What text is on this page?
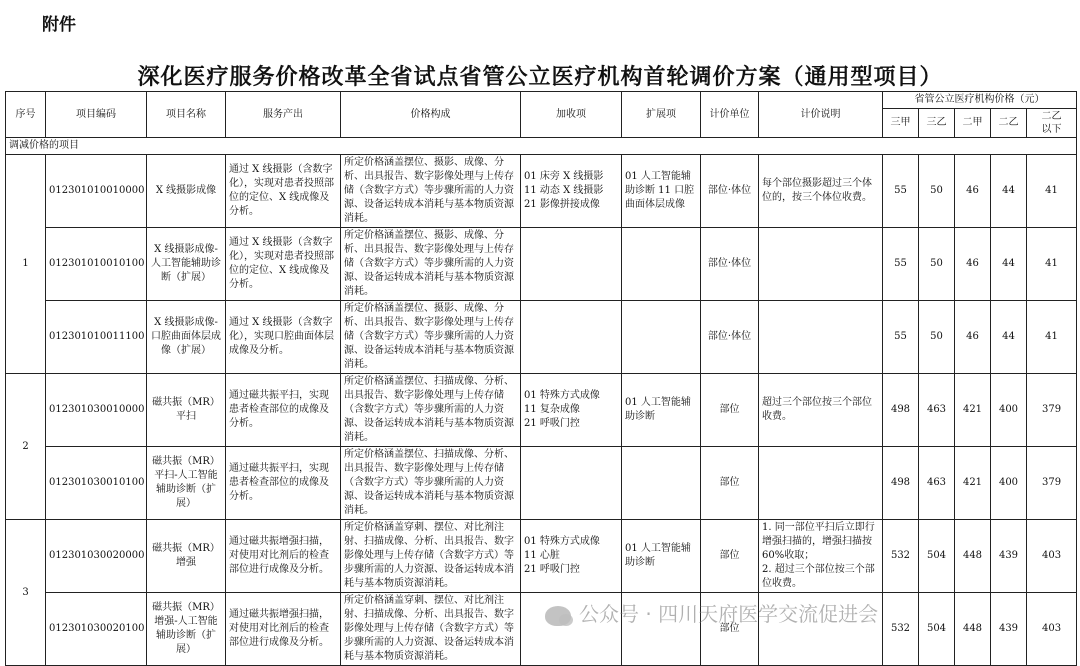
附件
深化医疗服务价格改革全省试点省管公立医疗机构首轮调价方案（通用型项目）
序号	项目编码	项目名称	服务产出	价格构成	加收项	扩展项	计价单位	计价说明	省管公立医疗机构价格（元）				
									三甲	三乙	二甲	二乙	二乙
以下
调减价格的项目													
1	012301010010000	X 线摄影成像	通过 X 线摄影（含数字化），实现对患者投照部位的定位、X 线成像及分析。	所定价格涵盖摆位、摄影、成像、分析、出具报告、数字影像处理与上传存储（含数字方式）等步骤所需的人力资源、设备运转成本消耗与基本物质资源消耗。	01 床旁 X 线摄影
11 动态 X 线摄影
21 影像拼接成像	01 人工智能辅助诊断 11 口腔曲面体层成像	部位·体位	每个部位摄影超过三个体位的，按三个体位收费。	55	50	46	44	41
	012301010010100	X 线摄影成像-人工智能辅助诊断（扩展）	通过 X 线摄影（含数字化），实现对患者投照部位的定位、X 线成像及分析。	所定价格涵盖摆位、摄影、成像、分析、出具报告、数字影像处理与上传存储（含数字方式）等步骤所需的人力资源、设备运转成本消耗与基本物质资源消耗。			部位·体位		55	50	46	44	41
	012301010011100	X 线摄影成像-口腔曲面体层成像（扩展）	通过 X 线摄影（含数字化），实现口腔曲面体层成像及分析。	所定价格涵盖摆位、摄影、成像、分析、出具报告、数字影像处理与上传存储（含数字方式）等步骤所需的人力资源、设备运转成本消耗与基本物质资源消耗。			部位·体位		55	50	46	44	41
2	012301030010000	磁共振（MR）平扫	通过磁共振平扫，实现患者检查部位的成像及分析。	所定价格涵盖摆位、扫描成像、分析、出具报告、数字影像处理与上传存储（含数字方式）等步骤所需的人力资源、设备运转成本消耗与基本物质资源消耗。	01 特殊方式成像
11 复杂成像
21 呼吸门控	01 人工智能辅助诊断	部位	超过三个部位按三个部位收费。	498	463	421	400	379
	012301030010100	磁共振（MR）平扫-人工智能辅助诊断（扩展）	通过磁共振平扫，实现患者检查部位的成像及分析。	所定价格涵盖摆位、扫描成像、分析、出具报告、数字影像处理与上传存储（含数字方式）等步骤所需的人力资源、设备运转成本消耗与基本物质资源消耗。			部位		498	463	421	400	379
3	012301030020000	磁共振（MR）增强	通过磁共振增强扫描，对使用对比剂后的检查部位进行成像及分析。	所定价格涵盖穿刺、摆位、对比剂注射、扫描成像、分析、出具报告、数字影像处理与上传存储（含数字方式）等步骤所需的人力资源、设备运转成本消耗与基本物质资源消耗。	01 特殊方式成像
11 心脏
21 呼吸门控	01 人工智能辅助诊断	部位	1. 同一部位平扫后立即行增强扫描的，增强扫描按 60%收取；
2. 超过三个部位按三个部位收费。	532	504	448	439	403
	012301030020100	磁共振（MR）增强-人工智能辅助诊断（扩展）	通过磁共振增强扫描，对使用对比剂后的检查部位进行成像及分析。	所定价格涵盖穿刺、摆位、对比剂注射、扫描成像、分析、出具报告、数字影像处理与上传存储（含数字方式）等步骤所需的人力资源、设备运转成本消耗与基本物质资源消耗。			部位		532	504	448	439	403
公众号 · 四川天府医学交流促进会
